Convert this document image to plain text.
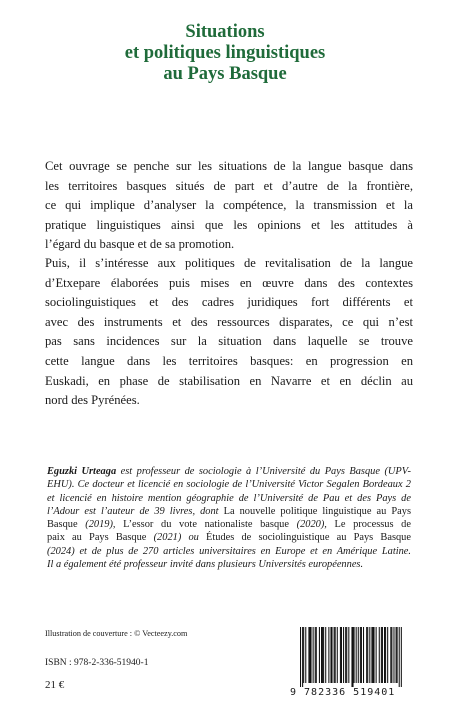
Situations
et politiques linguistiques
au Pays Basque
Cet ouvrage se penche sur les situations de la langue basque dans
les territoires basques situés de part et d’autre de la frontière,
ce qui implique d’analyser la compétence, la transmission et la
pratique linguistiques ainsi que les opinions et les attitudes à
l’égard du basque et de sa promotion.
Puis, il s’intéresse aux politiques de revitalisation de la langue
d’Etxepare élaborées puis mises en œuvre dans des contextes
sociolinguistiques et des cadres juridiques fort différents et
avec des instruments et des ressources disparates, ce qui n’est
pas sans incidences sur la situation dans laquelle se trouve
cette langue dans les territoires basques: en progression en
Euskadi, en phase de stabilisation en Navarre et en déclin au
nord des Pyrénées.
Eguzki Urteaga est professeur de sociologie à l’Université du Pays Basque (UPV-
EHU). Ce docteur et licencié en sociologie de l’Université Victor Segalen Bordeaux 2
et licencié en histoire mention géographie de l’Université de Pau et des Pays de
l’Adour est l’auteur de 39 livres, dont La nouvelle politique linguistique au Pays
Basque (2019), L’essor du vote nationaliste basque (2020), Le processus de
paix au Pays Basque (2021) ou Études de sociolinguistique au Pays Basque
(2024) et de plus de 270 articles universitaires en Europe et en Amérique Latine.
Il a également été professeur invité dans plusieurs Universités européennes.
Illustration de couverture : © Vecteezy.com
ISBN : 978-2-336-51940-1
21 €
9 782336 519401
